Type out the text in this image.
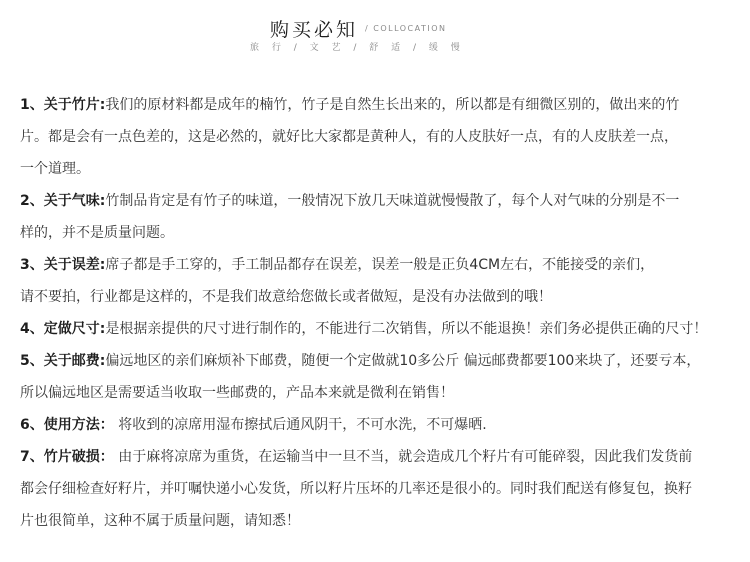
购买必知 / COLLOCATION
旅 行 / 文 艺 / 舒 适 / 缓 慢
1、关于竹片:我们的原材料都是成年的楠竹，竹子是自然生长出来的，所以都是有细微区别的，做出来的竹
片。都是会有一点色差的，这是必然的，就好比大家都是黄种人，有的人皮肤好一点，有的人皮肤差一点，
一个道理。
2、关于气味:竹制品肯定是有竹子的味道，一般情况下放几天味道就慢慢散了，每个人对气味的分别是不一
样的，并不是质量问题。
3、关于误差:席子都是手工穿的，手工制品都存在误差，误差一般是正负4CM左右，不能接受的亲们，
请不要拍，行业都是这样的，不是我们故意给您做长或者做短，是没有办法做到的哦！
4、定做尺寸:是根据亲提供的尺寸进行制作的，不能进行二次销售，所以不能退换！亲们务必提供正确的尺寸！
5、关于邮费:偏远地区的亲们麻烦补下邮费，随便一个定做就10多公斤 偏远邮费都要100来块了，还要亏本，
所以偏远地区是需要适当收取一些邮费的，产品本来就是微利在销售！
6、使用方法： 将收到的凉席用湿布擦拭后通风阴干，不可水洗，不可爆晒.
7、竹片破损： 由于麻将凉席为重货，在运输当中一旦不当，就会造成几个籽片有可能碎裂，因此我们发货前
都会仔细检查好籽片，并叮嘱快递小心发货，所以籽片压坏的几率还是很小的。同时我们配送有修复包，换籽
片也很简单，这种不属于质量问题，请知悉！
